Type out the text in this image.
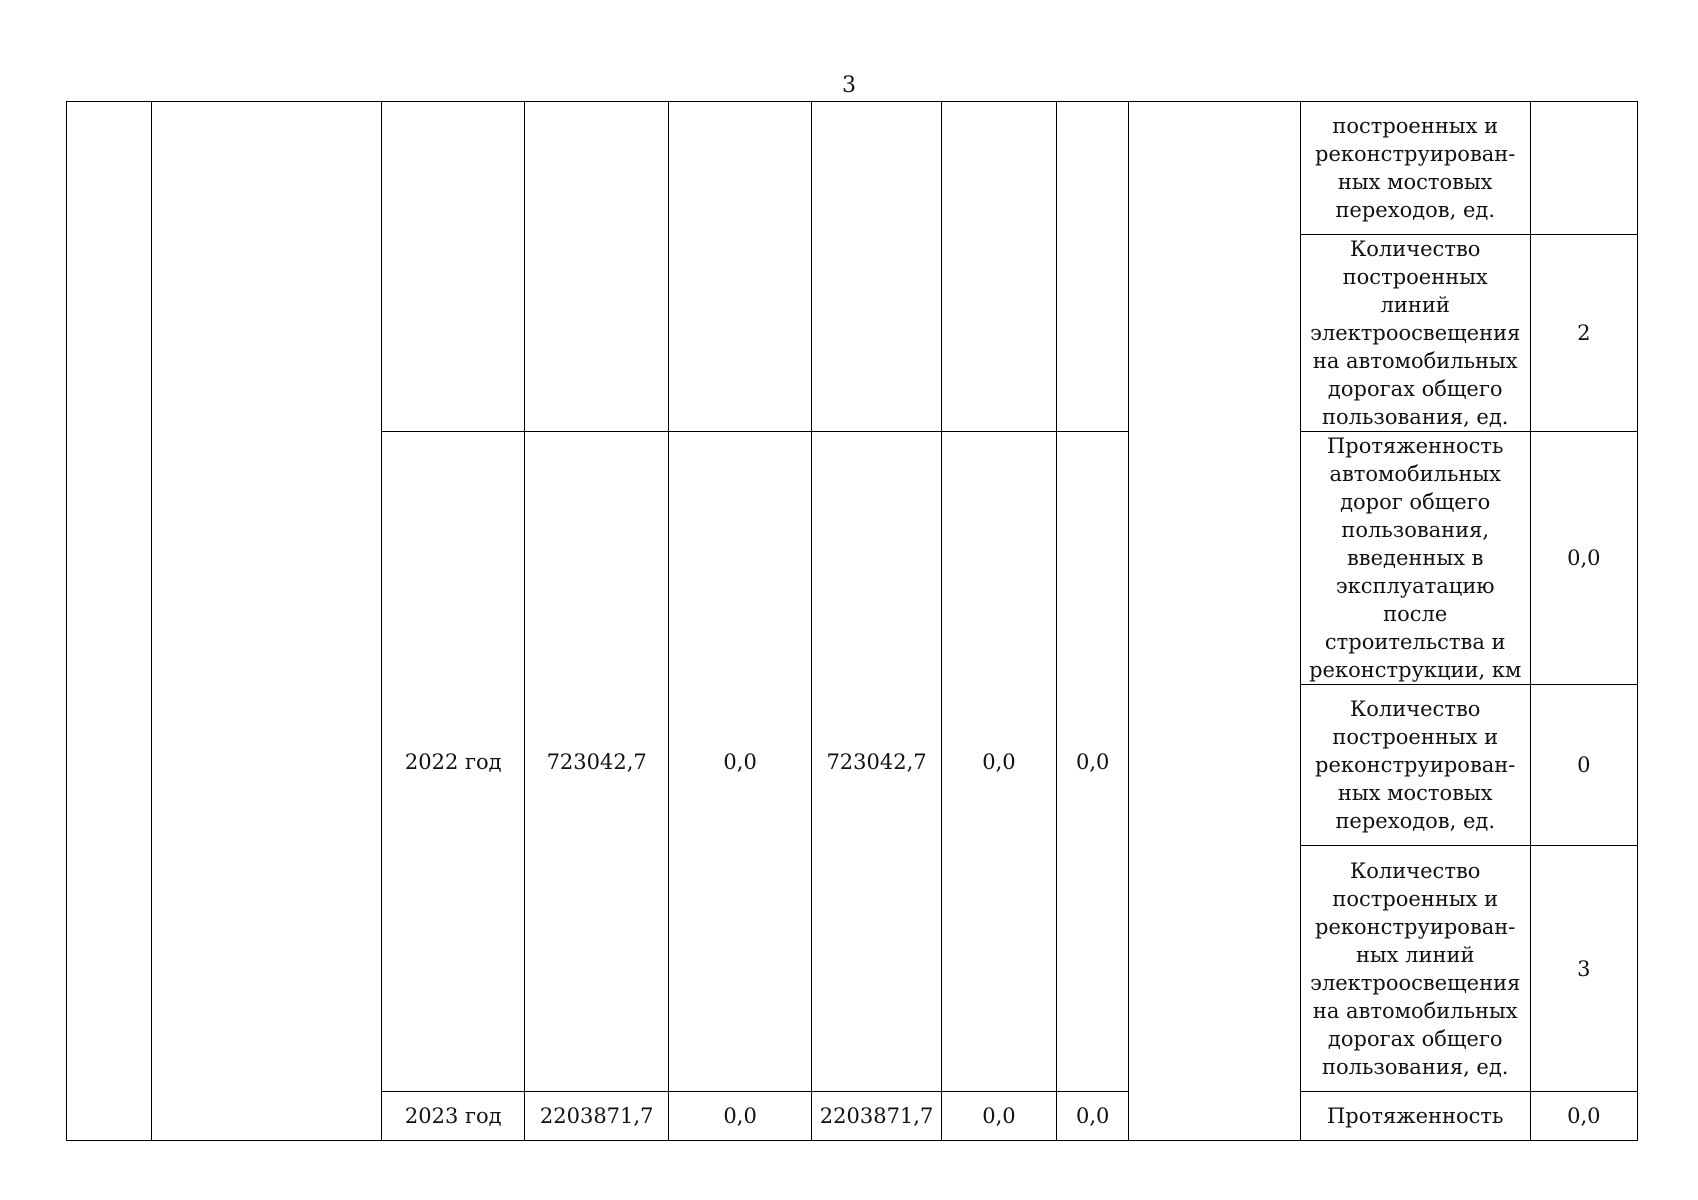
3

									построенных и реконструирован-ных мостовых переходов, ед.	

									Количество построенных линий электроосвещения на автомобильных дорогах общего пользования, ед.	2
		2022 год	723042,7	0,0	723042,7	0,0	0,0		Протяженность автомобильных дорог общего пользования, введенных в эксплуатацию после строительства и реконструкции, км	0,0

									Количество построенных и реконструирован-ных мостовых переходов, ед.	0

									Количество построенных и реконструирован-ных линий электроосвещения на автомобильных дорогах общего пользования, ед.	3
		2023 год	2203871,7	0,0	2203871,7	0,0	0,0		Протяженность	0,0
